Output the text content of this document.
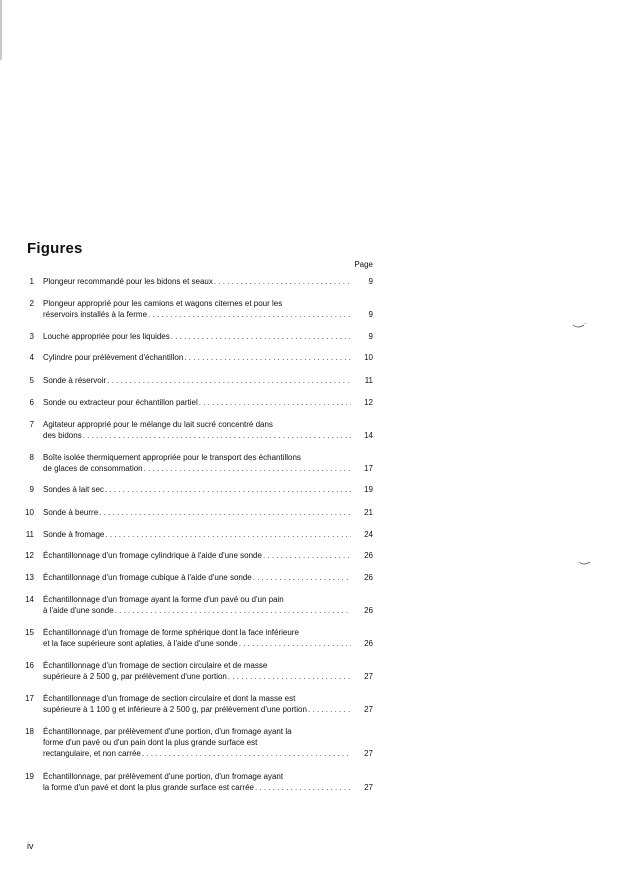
Figures
Page
1 Plongeur recommandé pour les bidons et seaux . . .	9
2 Plongeur approprié pour les camions et wagons citernes et pour les
réservoirs installés à la ferme . . .	9
3 Louche appropriée pour les liquides . . .	9
4 Cylindre pour prélèvement d'échantillon . . .	10
5 Sonde à réservoir . . .	11
6 Sonde ou extracteur pour échantillon partiel . . .	12
7 Agitateur approprié pour le mélange du lait sucré concentré dans
des bidons . . .	14
8 Boîte isolée thermiquement appropriée pour le transport des échantillons
de glaces de consommation . . .	17
9 Sondes à lait sec . . .	19
10 Sonde à beurre . . .	21
11 Sonde à fromage . . .	24
12 Échantillonnage d'un fromage cylindrique à l'aide d'une sonde . . .	26
13 Échantillonnage d'un fromage cubique à l'aide d'une sonde . . .	26
14 Échantillonnage d'un fromage ayant la forme d'un pavé ou d'un pain
à l'aide d'une sonde . . .	26
15 Échantillonnage d'un fromage de forme sphérique dont la face inférieure
et la face supérieure sont aplaties, à l'aide d'une sonde . . .	26
16 Échantillonnage d'un fromage de section circulaire et de masse
supérieure à 2 500 g, par prélèvement d'une portion . . .	27
17 Échantillonnage d'un fromage de section circulaire et dont la masse est
supérieure à 1 100 g et inférieure à 2 500 g, par prélèvement d'une portion . . .	27
18 Échantillonnage, par prélèvement d'une portion, d'un fromage ayant la
forme d'un pavé ou d'un pain dont la plus grande surface est
rectangulaire, et non carrée . . .	27
19 Échantillonnage, par prélèvement d'une portion, d'un fromage ayant
la forme d'un pavé et dont la plus grande surface est carrée . . .	27
iv
